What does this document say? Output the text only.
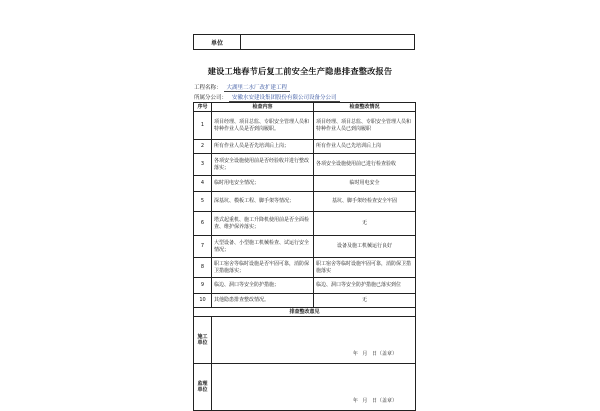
单位	
建设工地春节后复工前安全生产隐患排查整改报告
工程名称： 大湖里二水厂改扩建工程
所属分公司： 安徽水安建设集团股份有限公司设备分公司
序号	检查内容	检查整改情况
1	项目经理、项目总监、专职安全管理人员和特种作业人员是否到岗履职。	项目经理、项目总监、专职安全管理人员和特种作业人员已到岗履职
2	所有作业人员是否先培训后上岗；	所有作业人员已先培训后上岗
3	各项安全设施使用前是否经验收并进行整改落实；	各项安全设施使用前已进行检查验收
4	临时用电安全情况；	临时用电安全
5	深基坑、模板工程、脚手架等情况；	基坑、脚手架经检查安全牢固
6	塔式起重机、施工升降机使用前是否全面检查、维护保养落实；	无
7	大型设备、小型施工机械检查、试运行安全情况；	设备及施工机械运行良好
8	职工宿舍等临时设施是否牢固可靠，消防保卫措施落实；	职工宿舍等临时设施牢固可靠，消防保卫措施落实
9	临边、洞口等安全防护措施；	临边、洞口等安全防护措施已落实到位
10	其他隐患排查整改情况。	无
排查整改意见		
施工单位	年 月 日（盖章）	

监理单位	年 月 日（盖章）	
